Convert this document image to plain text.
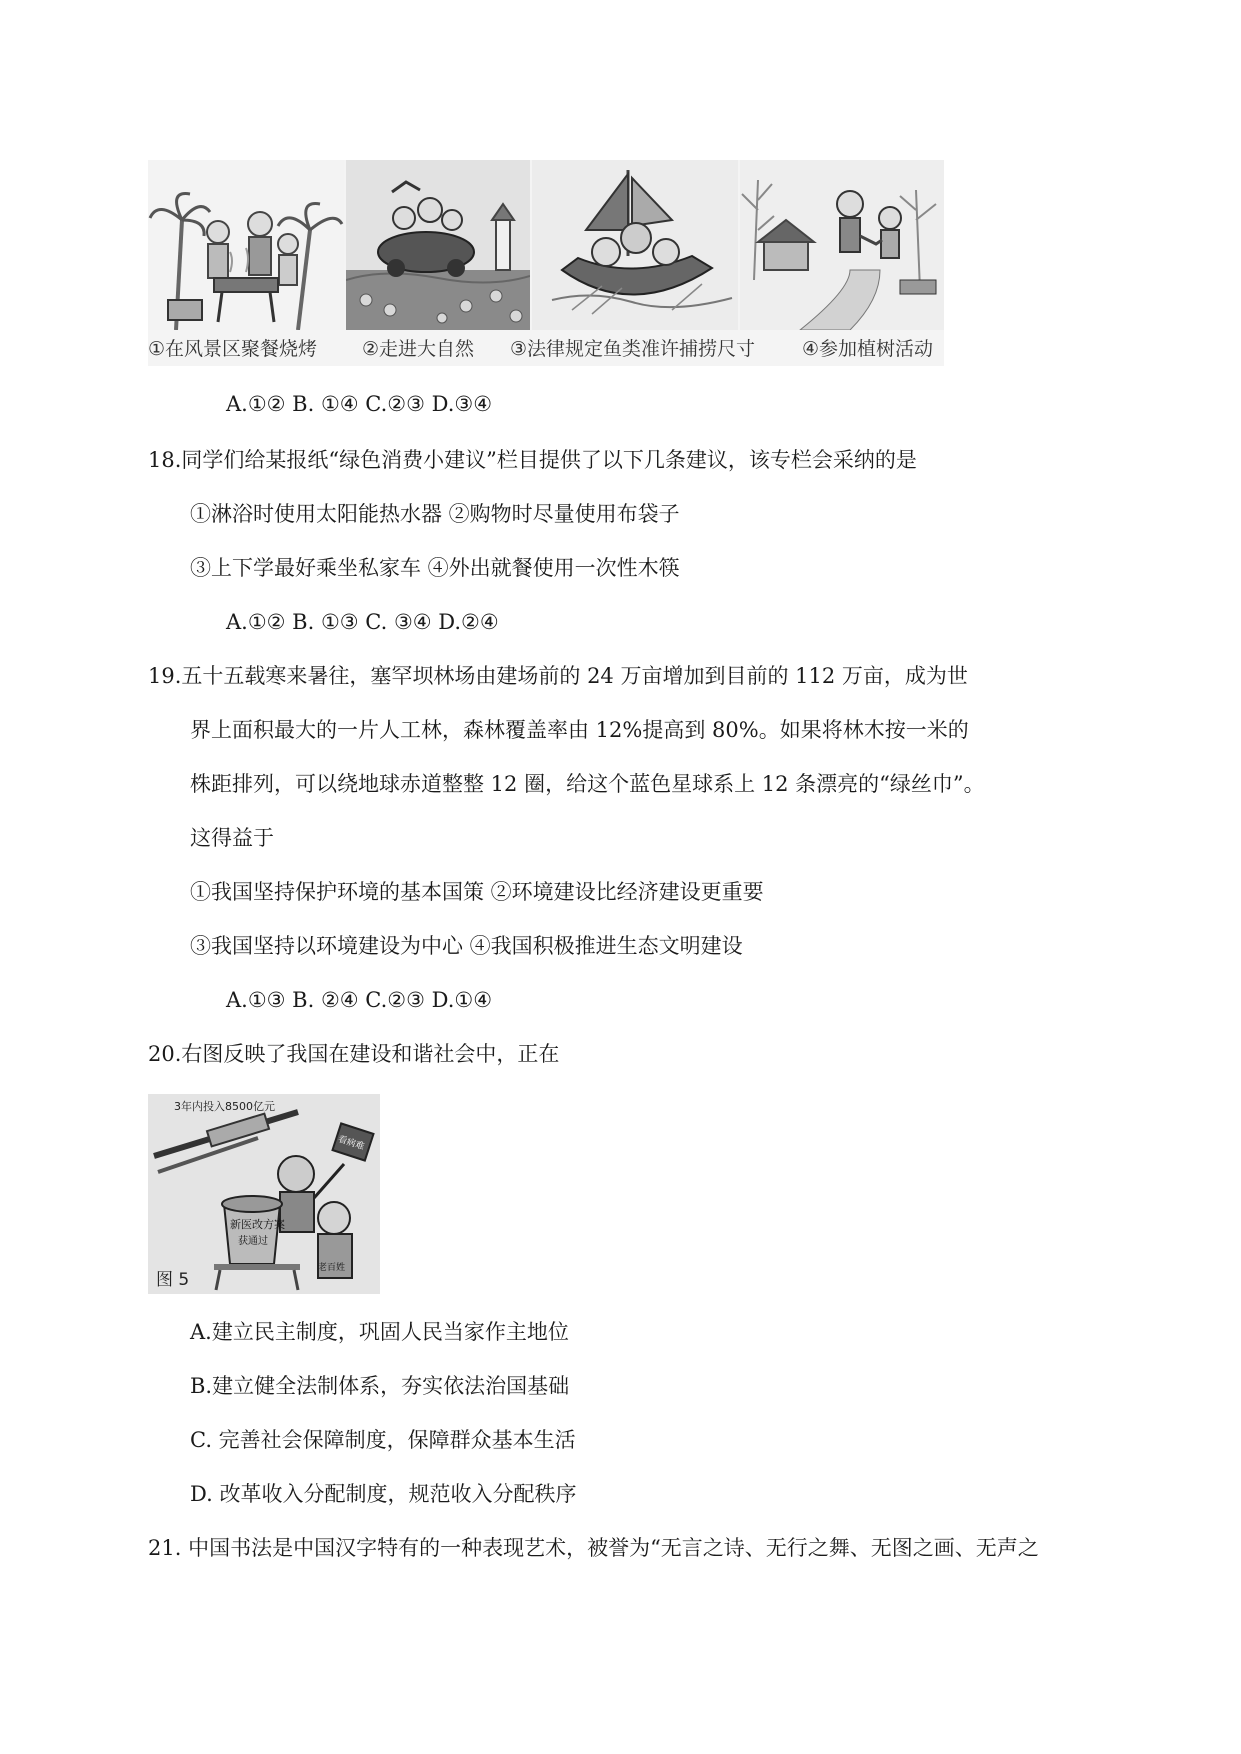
①在风景区聚餐烧烤 ②走进大自然 ③法律规定鱼类准许捕捞尺寸 ④参加植树活动
A.①② B. ①④ C.②③ D.③④
18.同学们给某报纸“绿色消费小建议”栏目提供了以下几条建议，该专栏会采纳的是
①淋浴时使用太阳能热水器 ②购物时尽量使用布袋子
③上下学最好乘坐私家车 ④外出就餐使用一次性木筷
A.①② B. ①③ C. ③④ D.②④
19.五十五载寒来暑往，塞罕坝林场由建场前的 24 万亩增加到目前的 112 万亩，成为世
界上面积最大的一片人工林，森林覆盖率由 12%提高到 80%。如果将林木按一米的
株距排列，可以绕地球赤道整整 12 圈，给这个蓝色星球系上 12 条漂亮的“绿丝巾”。
这得益于
①我国坚持保护环境的基本国策 ②环境建设比经济建设更重要
③我国坚持以环境建设为中心 ④我国积极推进生态文明建设
A.①③ B. ②④ C.②③ D.①④
20.右图反映了我国在建设和谐社会中，正在
3年内投入8500亿元
看病难
新医改方案
获通过
老百姓
图 5
A.建立民主制度，巩固人民当家作主地位
B.建立健全法制体系，夯实依法治国基础
C. 完善社会保障制度，保障群众基本生活
D. 改革收入分配制度，规范收入分配秩序
21. 中国书法是中国汉字特有的一种表现艺术，被誉为“无言之诗、无行之舞、无图之画、无声之
